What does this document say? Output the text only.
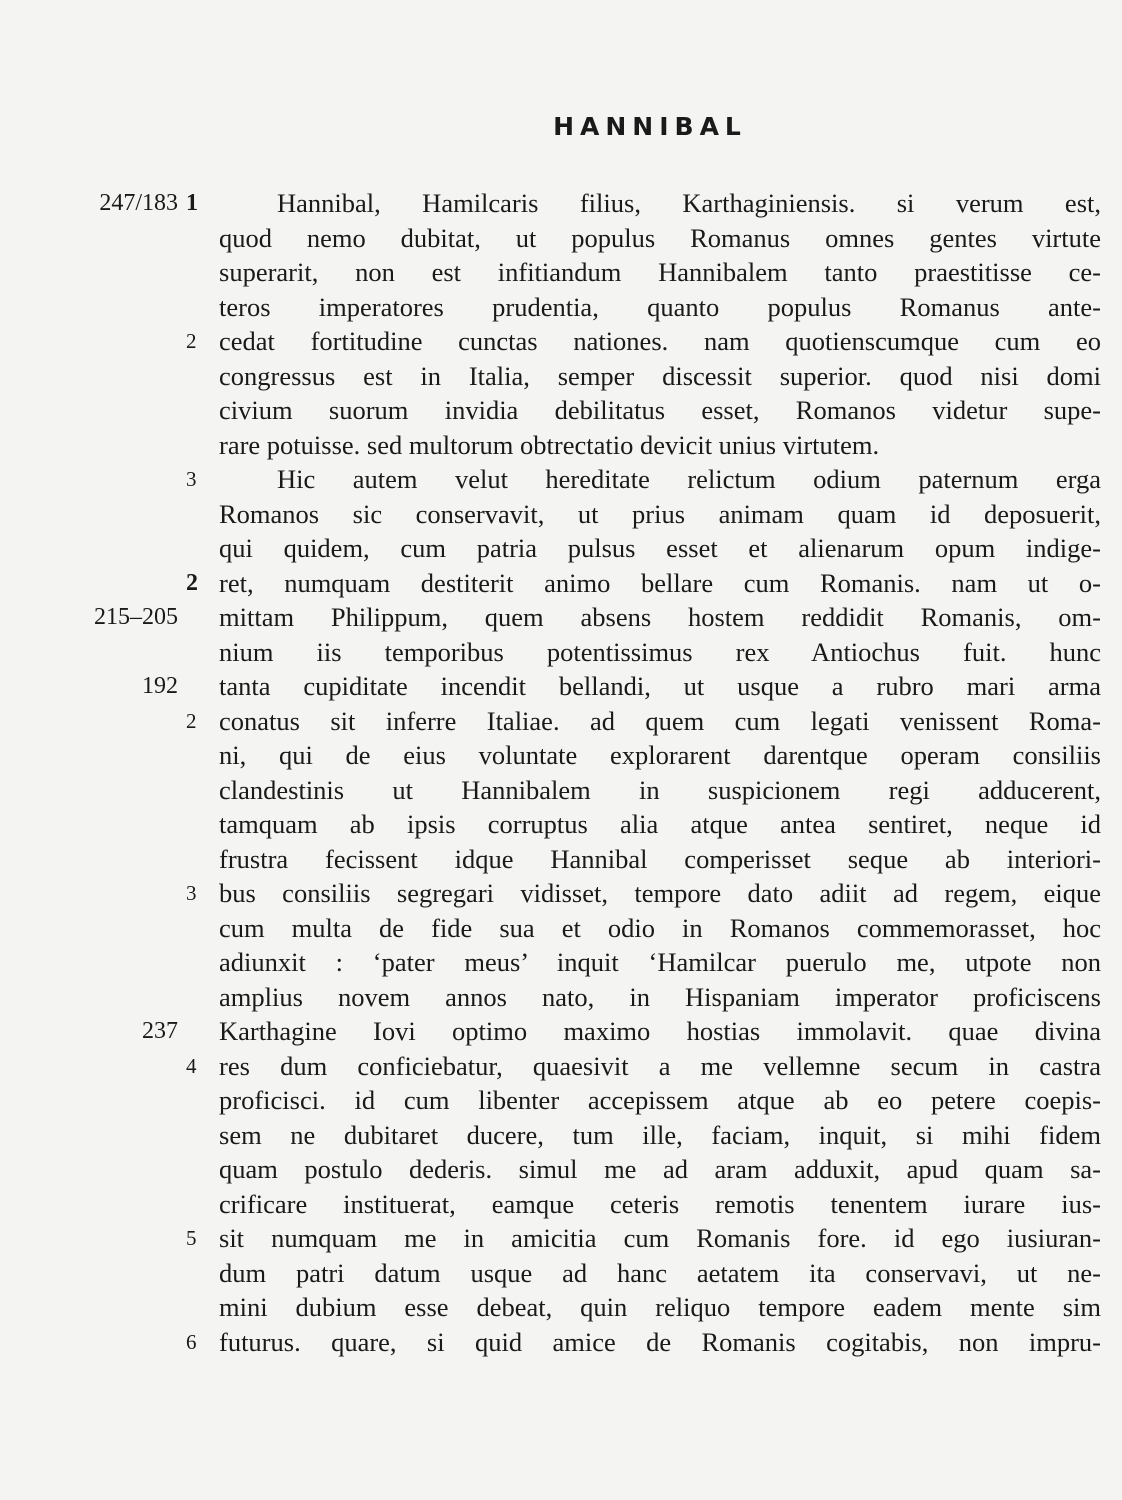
HANNIBAL
247/183 1	Hannibal, Hamilcaris filius, Karthaginiensis. si verum est,
quod nemo dubitat, ut populus Romanus omnes gentes virtute
superarit, non est infitiandum Hannibalem tanto praestitisse ce-
teros imperatores prudentia, quanto populus Romanus ante-
2 cedat fortitudine cunctas nationes. nam quotienscumque cum eo
congressus est in Italia, semper discessit superior. quod nisi domi
civium suorum invidia debilitatus esset, Romanos videtur supe-
rare potuisse. sed multorum obtrectatio devicit unius virtutem.
3	Hic autem velut hereditate relictum odium paternum erga
Romanos sic conservavit, ut prius animam quam id deposuerit,
qui quidem, cum patria pulsus esset et alienarum opum indige-
2 ret, numquam destiterit animo bellare cum Romanis. nam ut o-
215–205 mittam Philippum, quem absens hostem reddidit Romanis, om-
nium iis temporibus potentissimus rex Antiochus fuit. hunc
192 tanta cupiditate incendit bellandi, ut usque a rubro mari arma
2 conatus sit inferre Italiae. ad quem cum legati venissent Roma-
ni, qui de eius voluntate explorarent darentque operam consiliis
clandestinis ut Hannibalem in suspicionem regi adducerent,
tamquam ab ipsis corruptus alia atque antea sentiret, neque id
frustra fecissent idque Hannibal comperisset seque ab interiori-
3 bus consiliis segregari vidisset, tempore dato adiit ad regem, eique
cum multa de fide sua et odio in Romanos commemorasset, hoc
adiunxit : ‘pater meus’ inquit ‘Hamilcar puerulo me, utpote non
amplius novem annos nato, in Hispaniam imperator proficiscens
237 Karthagine Iovi optimo maximo hostias immolavit. quae divina
4 res dum conficiebatur, quaesivit a me vellemne secum in castra
proficisci. id cum libenter accepissem atque ab eo petere coepis-
sem ne dubitaret ducere, tum ille, faciam, inquit, si mihi fidem
quam postulo dederis. simul me ad aram adduxit, apud quam sa-
crificare instituerat, eamque ceteris remotis tenentem iurare ius-
5 sit numquam me in amicitia cum Romanis fore. id ego iusiuran-
dum patri datum usque ad hanc aetatem ita conservavi, ut ne-
mini dubium esse debeat, quin reliquo tempore eadem mente sim
6 futurus. quare, si quid amice de Romanis cogitabis, non impru-
